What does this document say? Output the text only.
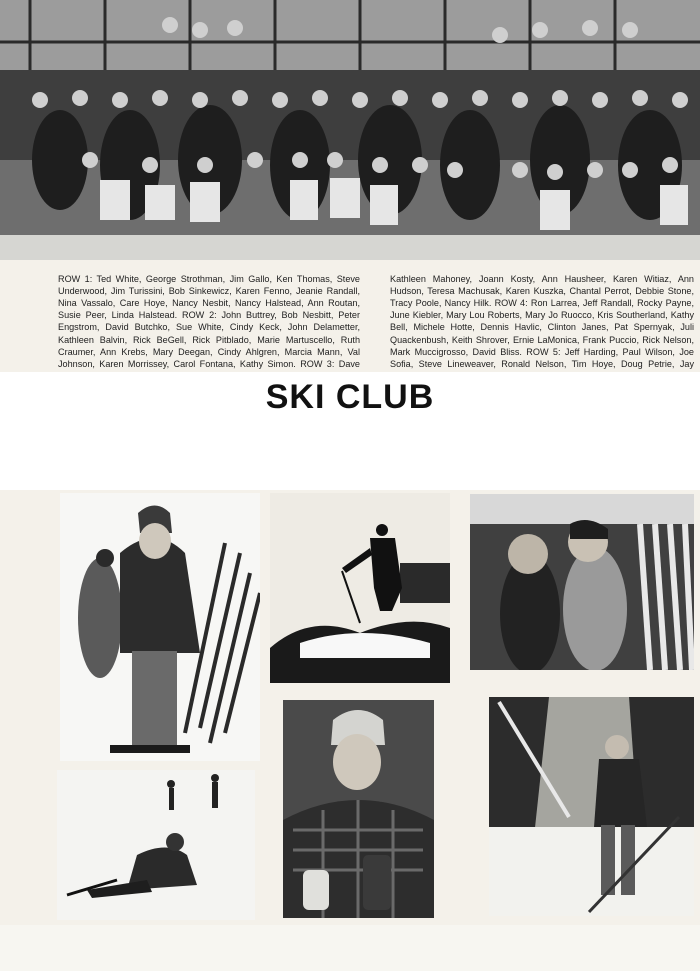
ROW 1: Ted White, George Strothman, Jim Gallo, Ken Thomas, Steve Underwood, Jim Turissini, Bob Sinkewicz, Karen Fenno, Jeanie Randall, Nina Vassalo, Care Hoye, Nancy Nesbit, Nancy Halstead, Ann Routan, Susie Peer, Linda Halstead. ROW 2: John Buttrey, Bob Nesbitt, Peter Engstrom, David Butchko, Sue White, Cindy Keck, John Delametter, Kathleen Balvin, Rick BeGell, Rick Pitblado, Marie Martuscello, Ruth Craumer, Ann Krebs, Mary Deegan, Cindy Ahlgren, Marcia Mann, Val Johnson, Karen Morrissey, Carol Fontana, Kathy Simon. ROW 3: Dave

Kathleen Mahoney, Joann Kosty, Ann Hausheer, Karen Witiaz, Ann Hudson, Teresa Machusak, Karen Kuszka, Chantal Perrot, Debbie Stone, Tracy Poole, Nancy Hilk. ROW 4: Ron Larrea, Jeff Randall, Rocky Payne, June Kiebler, Mary Lou Roberts, Mary Jo Ruocco, Kris Southerland, Kathy Bell, Michele Hotte, Dennis Havlic, Clinton Janes, Pat Spernyak, Juli Quackenbush, Keith Shrover, Ernie LaMonica, Frank Puccio, Rick Nelson, Mark Muccigrosso, David Bliss. ROW 5: Jeff Harding, Paul Wilson, Joe Sofia, Steve Lineweaver, Ronald Nelson, Tim Hoye, Doug Petrie, Jay

SKI CLUB
